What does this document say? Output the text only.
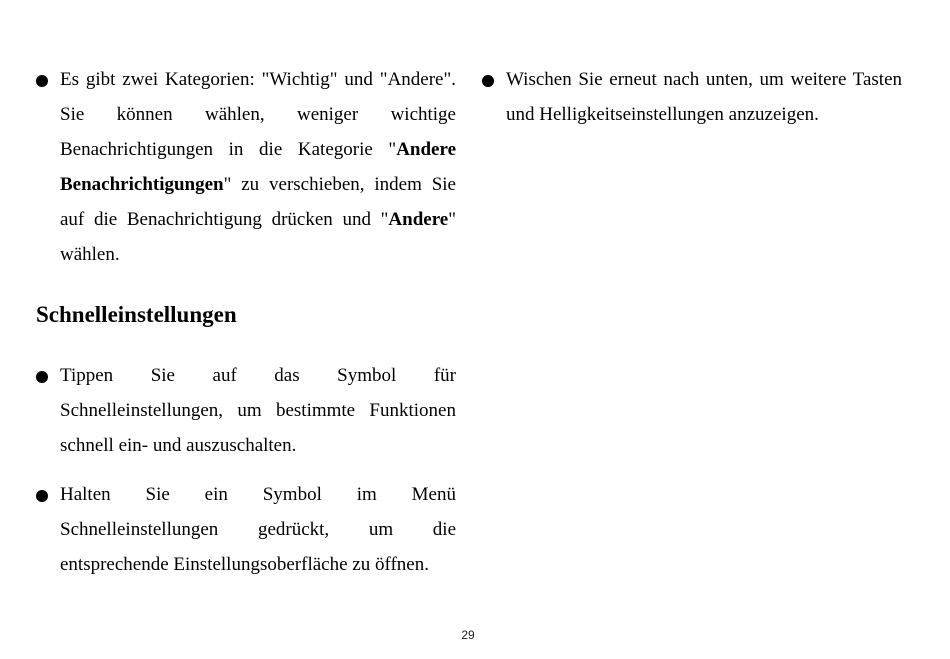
Es gibt zwei Kategorien: "Wichtig" und "Andere". Sie können wählen, weniger wichtige Benachrichtigungen in die Kategorie "Andere Benachrichtigungen" zu verschieben, indem Sie auf die Benachrichtigung drücken und "Andere" wählen.
Schnelleinstellungen
Tippen Sie auf das Symbol für Schnelleinstellungen, um bestimmte Funktionen schnell ein- und auszuschalten.
Halten Sie ein Symbol im Menü Schnelleinstellungen gedrückt, um die entsprechende Einstellungsoberfläche zu öffnen.
Wischen Sie erneut nach unten, um weitere Tasten und Helligkeitseinstellungen anzuzeigen.
29
